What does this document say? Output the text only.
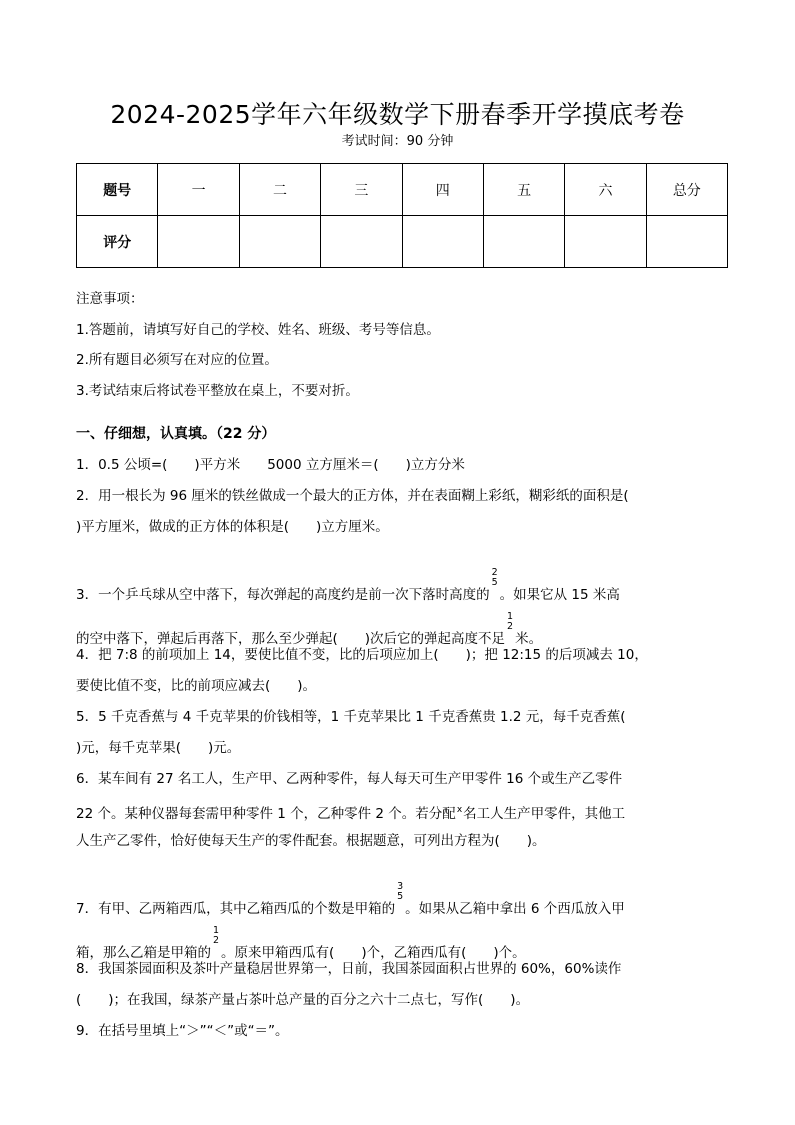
2024-2025学年六年级数学下册春季开学摸底考卷
考试时间：90 分钟
题号	一	二	三	四	五	六	总分
评分							
注意事项：
1.答题前，请填写好自己的学校、姓名、班级、考号等信息。
2.所有题目必须写在对应的位置。
3.考试结束后将试卷平整放在桌上，不要对折。
一、仔细想，认真填。（22 分）
1．0.5 公顷=(　　)平方米　　5000 立方厘米＝(　　)立方分米
2．用一根长为 96 厘米的铁丝做成一个最大的正方体，并在表面糊上彩纸，糊彩纸的面积是(
)平方厘米，做成的正方体的体积是(　　)立方厘米。
3．一个乒乓球从空中落下，每次弹起的高度约是前一次下落时高度的
2
5
。如果它从 15 米高
的空中落下，弹起后再落下，那么至少弹起(　　)次后它的弹起高度不足
1
2
米。
4．把 7:8 的前项加上 14，要使比值不变，比的后项应加上(　　)；把 12:15 的后项减去 10，
要使比值不变，比的前项应减去(　　)。
5．5 千克香蕉与 4 千克苹果的价钱相等，1 千克苹果比 1 千克香蕉贵 1.2 元，每千克香蕉(
)元，每千克苹果(　　)元。
6．某车间有 27 名工人，生产甲、乙两种零件，每人每天可生产甲零件 16 个或生产乙零件
22 个。某种仪器每套需甲种零件 1 个，乙种零件 2 个。若分配$^x$名工人生产甲零件，其他工
人生产乙零件，恰好使每天生产的零件配套。根据题意，可列出方程为(　　)。
7．有甲、乙两箱西瓜，其中乙箱西瓜的个数是甲箱的
3
5
。如果从乙箱中拿出 6 个西瓜放入甲
箱，那么乙箱是甲箱的
1
2
。原来甲箱西瓜有(　　)个，乙箱西瓜有(　　)个。
8．我国茶园面积及茶叶产量稳居世界第一，日前，我国茶园面积占世界的 60%，60%读作
(　　)；在我国，绿茶产量占茶叶总产量的百分之六十二点七，写作(　　)。
9．在括号里填上“＞”“＜”或“＝”。
